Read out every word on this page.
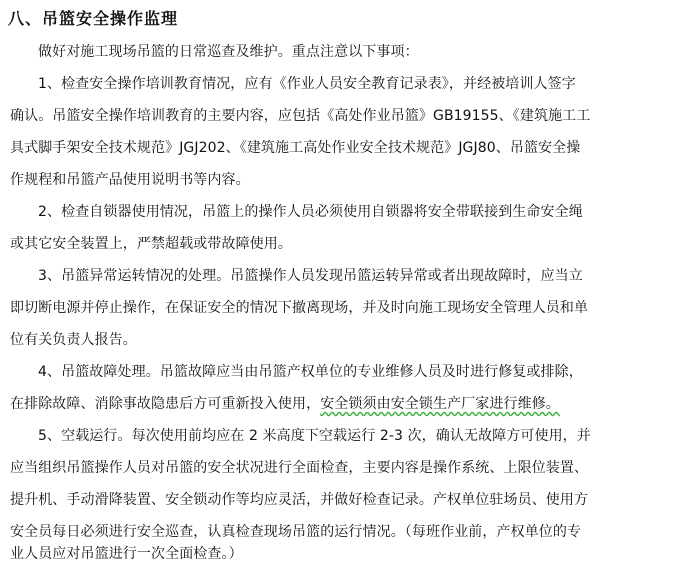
八、吊篮安全操作监理
做好对施工现场吊篮的日常巡查及维护。重点注意以下事项：
1、检查安全操作培训教育情况，应有《作业人员安全教育记录表》，并经被培训人签字
确认。吊篮安全操作培训教育的主要内容，应包括《高处作业吊篮》GB19155、《建筑施工工
具式脚手架安全技术规范》JGJ202、《建筑施工高处作业安全技术规范》JGJ80、吊篮安全操
作规程和吊篮产品使用说明书等内容。
2、检查自锁器使用情况，吊篮上的操作人员必须使用自锁器将安全带联接到生命安全绳
或其它安全装置上，严禁超载或带故障使用。
3、吊篮异常运转情况的处理。吊篮操作人员发现吊篮运转异常或者出现故障时，应当立
即切断电源并停止操作，在保证安全的情况下撤离现场，并及时向施工现场安全管理人员和单
位有关负责人报告。
4、吊篮故障处理。吊篮故障应当由吊篮产权单位的专业维修人员及时进行修复或排除，
在排除故障、消除事故隐患后方可重新投入使用，安全锁须由安全锁生产厂家进行维修。
5、空载运行。每次使用前均应在 2 米高度下空载运行 2-3 次，确认无故障方可使用，并
应当组织吊篮操作人员对吊篮的安全状况进行全面检查，主要内容是操作系统、上限位装置、
提升机、手动滑降装置、安全锁动作等均应灵活，并做好检查记录。产权单位驻场员、使用方
安全员每日必须进行安全巡查，认真检查现场吊篮的运行情况。（每班作业前，产权单位的专
业人员应对吊篮进行一次全面检查。）
